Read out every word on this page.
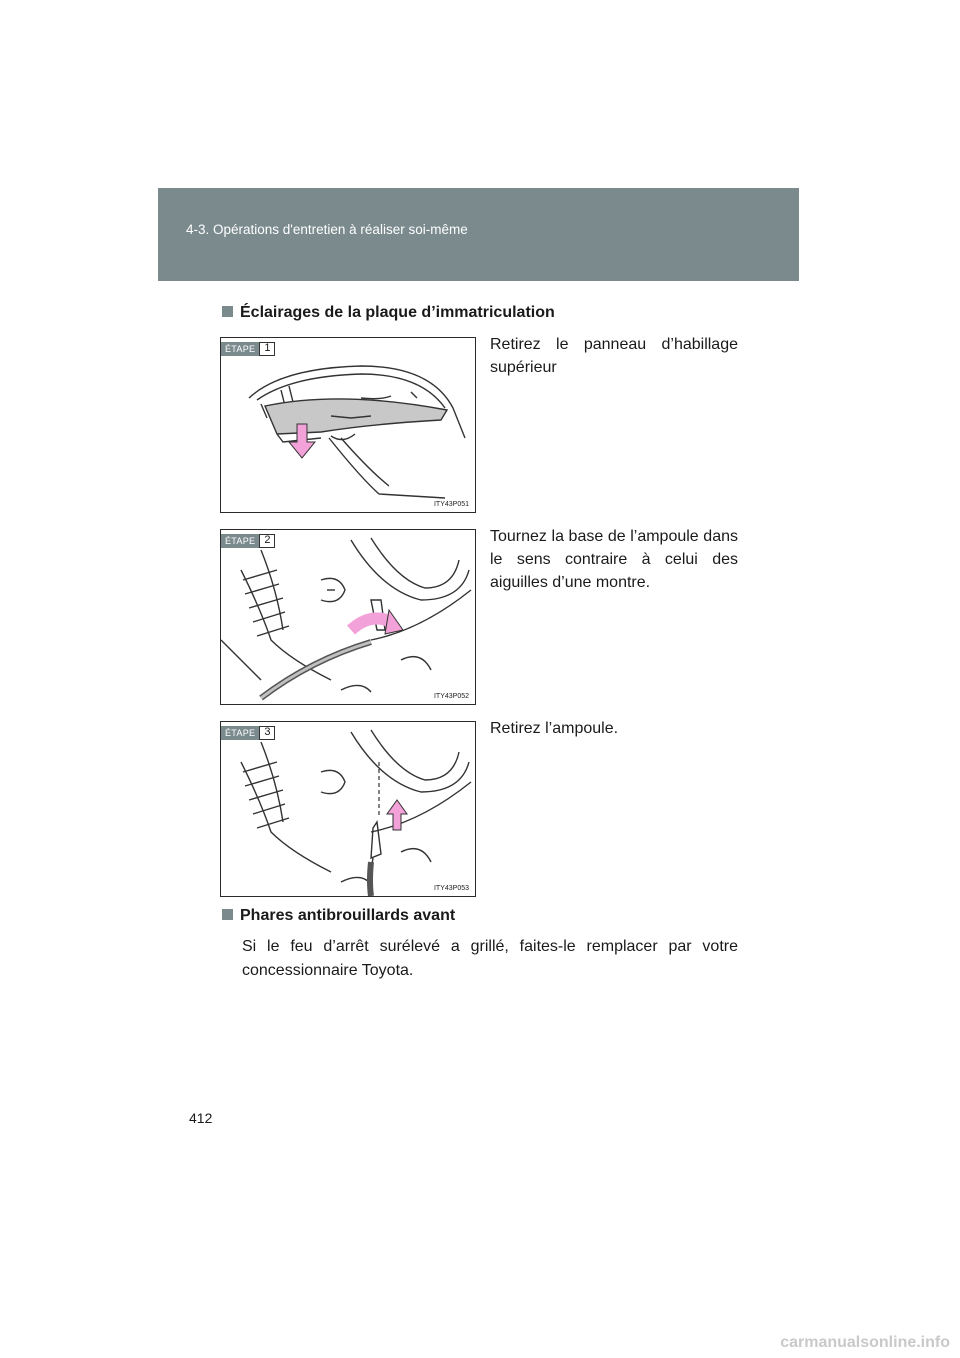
4-3. Opérations d'entretien à réaliser soi-même
Éclairages de la plaque d’immatriculation
ÉTAPE 1
ITY43P051
Retirez le panneau d’habillage supérieur
ÉTAPE 2
ITY43P052
Tournez la base de l’ampoule dans le sens contraire à celui des aiguilles d’une montre.
ÉTAPE 3
ITY43P053
Retirez l’ampoule.
Phares antibrouillards avant
Si le feu d’arrêt surélevé a grillé, faites-le remplacer par votre concessionnaire Toyota.
412
carmanualsonline.info
